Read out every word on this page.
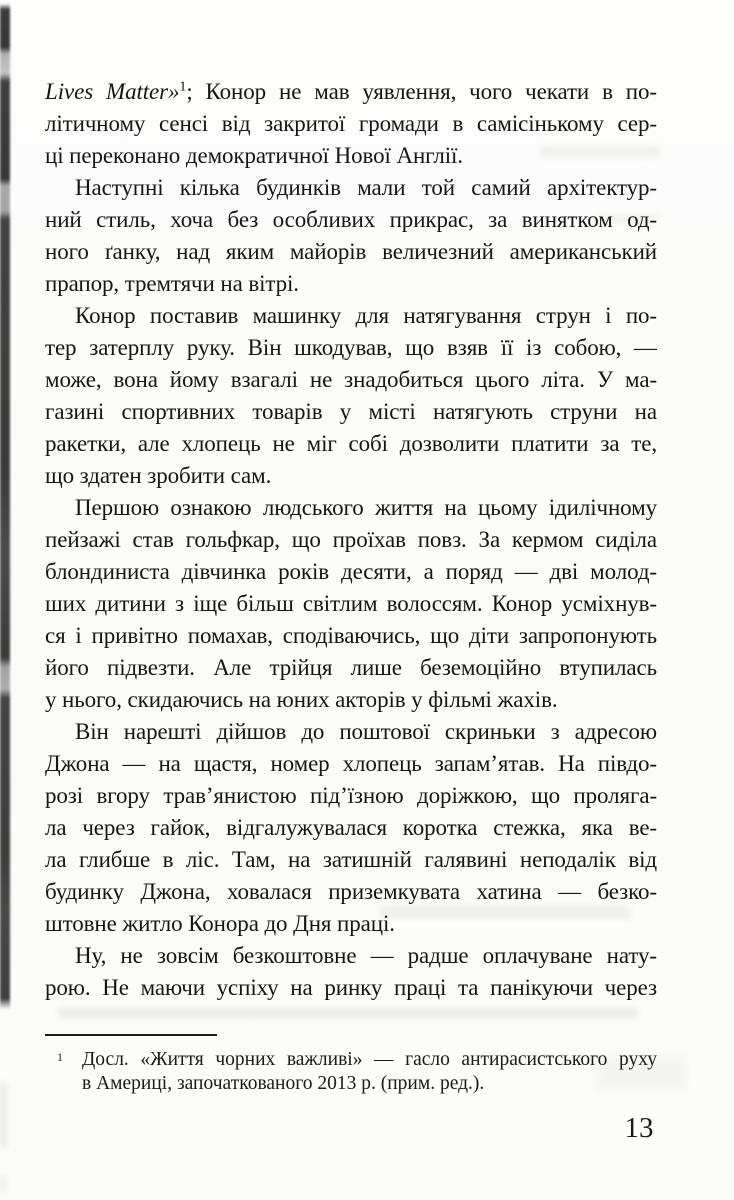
Lives Matter»$^1$; Конор не мав уявлення, чого чекати в по-
літичному сенсі від закритої громади в самісінькому сер-
ці переконано демократичної Нової Англії.
Наступні кілька будинків мали той самий архітектур-
ний стиль, хоча без особливих прикрас, за винятком од-
ного ґанку, над яким майорів величезний американський
прапор, тремтячи на вітрі.
Конор поставив машинку для натягування струн і по-
тер затерплу руку. Він шкодував, що взяв її із собою, —
може, вона йому взагалі не знадобиться цього літа. У ма-
газині спортивних товарів у місті натягують струни на
ракетки, але хлопець не міг собі дозволити платити за те,
що здатен зробити сам.
Першою ознакою людського життя на цьому ідилічному
пейзажі став гольфкар, що проїхав повз. За кермом сиділа
блондиниста дівчинка років десяти, а поряд — дві молод-
ших дитини з іще більш світлим волоссям. Конор усміхнув-
ся і привітно помахав, сподіваючись, що діти запропонують
його підвезти. Але трійця лише беземоційно втупилась
у нього, скидаючись на юних акторів у фільмі жахів.
Він нарешті дійшов до поштової скриньки з адресою
Джона — на щастя, номер хлопець запам’ятав. На півдо-
розі вгору трав’янистою під’їзною доріжкою, що проляга-
ла через гайок, відгалужувалася коротка стежка, яка ве-
ла глибше в ліс. Там, на затишній галявині неподалік від
будинку Джона, ховалася приземкувата хатина — безко-
штовне житло Конора до Дня праці.
Ну, не зовсім безкоштовне — радше оплачуване нату-
рою. Не маючи успіху на ринку праці та панікуючи через
1 Досл. «Життя чорних важливі» — гасло антирасистського руху
в Америці, започаткованого 2013 р. (прим. ред.).
13
